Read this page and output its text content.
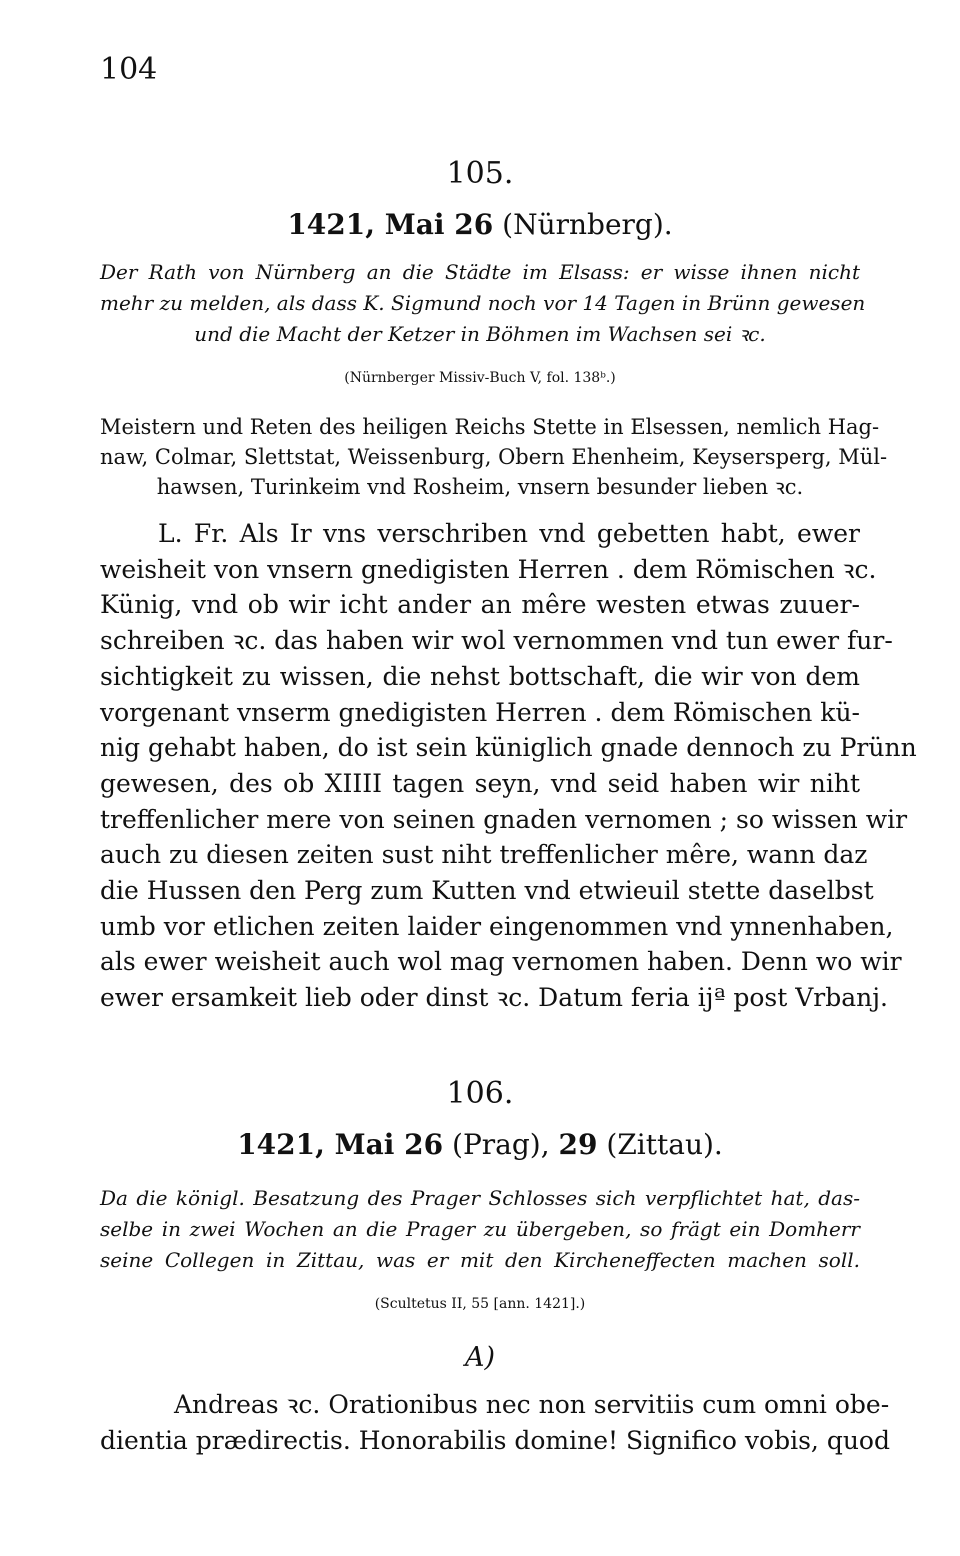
104

105.

1421, Mai 26 (Nürnberg).

Der Rath von Nürnberg an die Städte im Elsass: er wisse ihnen nicht
mehr zu melden, als dass K. Sigmund noch vor 14 Tagen in Brünn gewesen
und die Macht der Ketzer in Böhmen im Wachsen sei ꝛc.

(Nürnberger Missiv-Buch V, fol. 138ᵇ.)

Meistern und Reten des heiligen Reichs Stette in Elsessen, nemlich Hag-
naw, Colmar, Slettstat, Weissenburg, Obern Ehenheim, Keysersperg, Mül-
hawsen, Turinkeim vnd Rosheim, vnsern besunder lieben ꝛc.
L. Fr. Als Ir vns verschriben vnd gebetten habt, ewer
weisheit von vnsern gnedigisten Herren . dem Römischen ꝛc.
Künig, vnd ob wir icht ander an mêre westen etwas zuuer-
schreiben ꝛc. das haben wir wol vernommen vnd tun ewer fur-
sichtigkeit zu wissen, die nehst bottschaft, die wir von dem
vorgenant vnserm gnedigisten Herren . dem Römischen kü-
nig gehabt haben, do ist sein küniglich gnade dennoch zu Prünn
gewesen, des ob XIIII tagen seyn, vnd seid haben wir niht
treffenlicher mere von seinen gnaden vernomen ; so wissen wir
auch zu diesen zeiten sust niht treffenlicher mêre, wann daz
die Hussen den Perg zum Kutten vnd etwieuil stette daselbst
umb vor etlichen zeiten laider eingenommen vnd ynnenhaben,
als ewer weisheit auch wol mag vernomen haben. Denn wo wir
ewer ersamkeit lieb oder dinst ꝛc. Datum feria ijª post Vrbanj.

106.

1421, Mai 26 (Prag), 29 (Zittau).

Da die königl. Besatzung des Prager Schlosses sich verpflichtet hat, das-
selbe in zwei Wochen an die Prager zu übergeben, so frägt ein Domherr
seine Collegen in Zittau, was er mit den Kircheneffecten machen soll.

(Scultetus II, 55 [ann. 1421].)

A)

Andreas ꝛc. Orationibus nec non servitiis cum omni obe-
dientia prædirectis. Honorabilis domine! Significo vobis, quod
